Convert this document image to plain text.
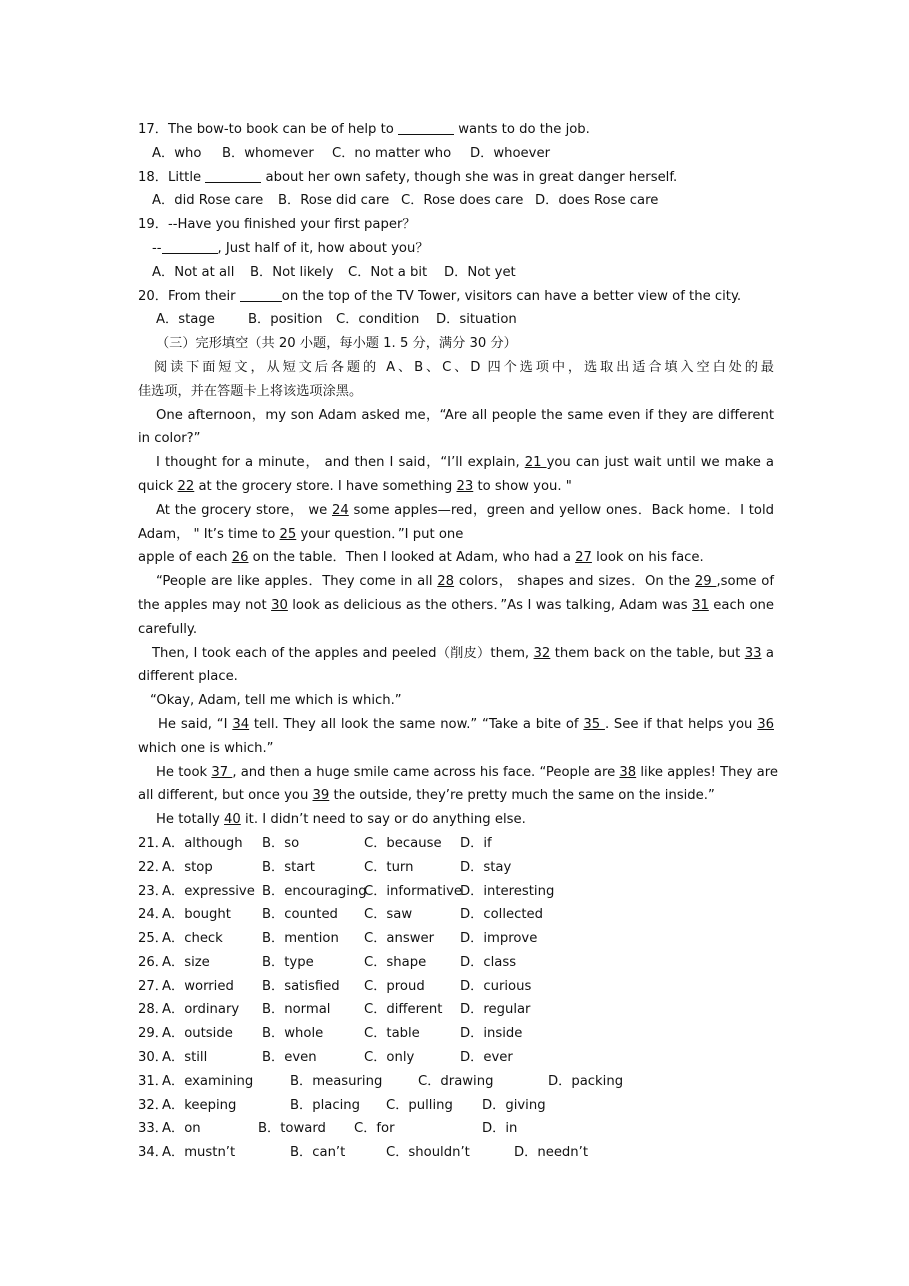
17．The bow-to book can be of help to	wants to do the job.
A．who B．whomever C．no matter who D．whoever
18．Little	about her own safety, though she was in great danger herself.
A．did Rose care B．Rose did care C．Rose does care D．does Rose care
19．--Have you finished your first paper？
--	, Just half of it, how about you？
A．Not at all B．Not likely C．Not a bit D．Not yet
20．From their	on the top of the TV Tower, visitors can have a better view of the city.
A．stage	B．position C．condition D．situation
（三）完形填空（共 20 小题，每小题 1. 5 分，满分 30 分）
阅读下面短文，从短文后各题的 A、B、C、D 四个选项中，选取出适合填入空白处的最
佳选项，并在答题卡上将该选项涂黑。
One afternoon，my son Adam asked me，“Are all people the same even if they are different
in color?”
I thought for a minute， and then I said，“I’ll explain, 21 you can just wait until we make a
quick 22 at the grocery store. I have something 23 to show you. "
At the grocery store， we 24 some apples—red，green and yellow ones．Back home．I told
Adam， " It’s time to 25 your question．”I put one
apple of each 26 on the table．Then I looked at Adam, who had a 27 look on his face.
“People are like apples．They come in all 28 colors， shapes and sizes．On the 29 ,some of
the apples may not 30 look as delicious as the others．”As I was talking, Adam was 31 each one
carefully.
Then, I took each of the apples and peeled（削皮）them, 32 them back on the table, but 33 a
different place.
“Okay, Adam, tell me which is which.”
He said, “I 34 tell. They all look the same now.” “Take a bite of 35 . See if that helps you 36
which one is which.”
He took 37 , and then a huge smile came across his face. “People are 38 like apples! They are
all different, but once you 39 the outside, they’re pretty much the same on the inside.”
He totally 40 it. I didn’t need to say or do anything else.
21．
A．although	B．so	C．because	D．if
22．
A．stop	B．start	C．turn	D．stay
23．
A．expressive B．encouraging
C．informative
D．interesting
24．
A．bought	B．counted	C．saw	D．collected
25．
A．check	B．mention	C．answer	D．improve
26．
A．size	B．type	C．shape	D．class
27．
A．worried	B．satisfied	C．proud	D．curious
28．
A．ordinary	B．normal	C．different	D．regular
29．
A．outside	B．whole	C．table	D．inside
30．
A．still	B．even	C．only	D．ever
31．
A．examining	B．measuring	C．drawing	D．packing
32．
A．keeping	B．placing	C．pulling	D．giving
33．
A．on	B．toward	C．for	D．in
34．
A．mustn’t	B．can’t	C．shouldn’t	D．needn’t
